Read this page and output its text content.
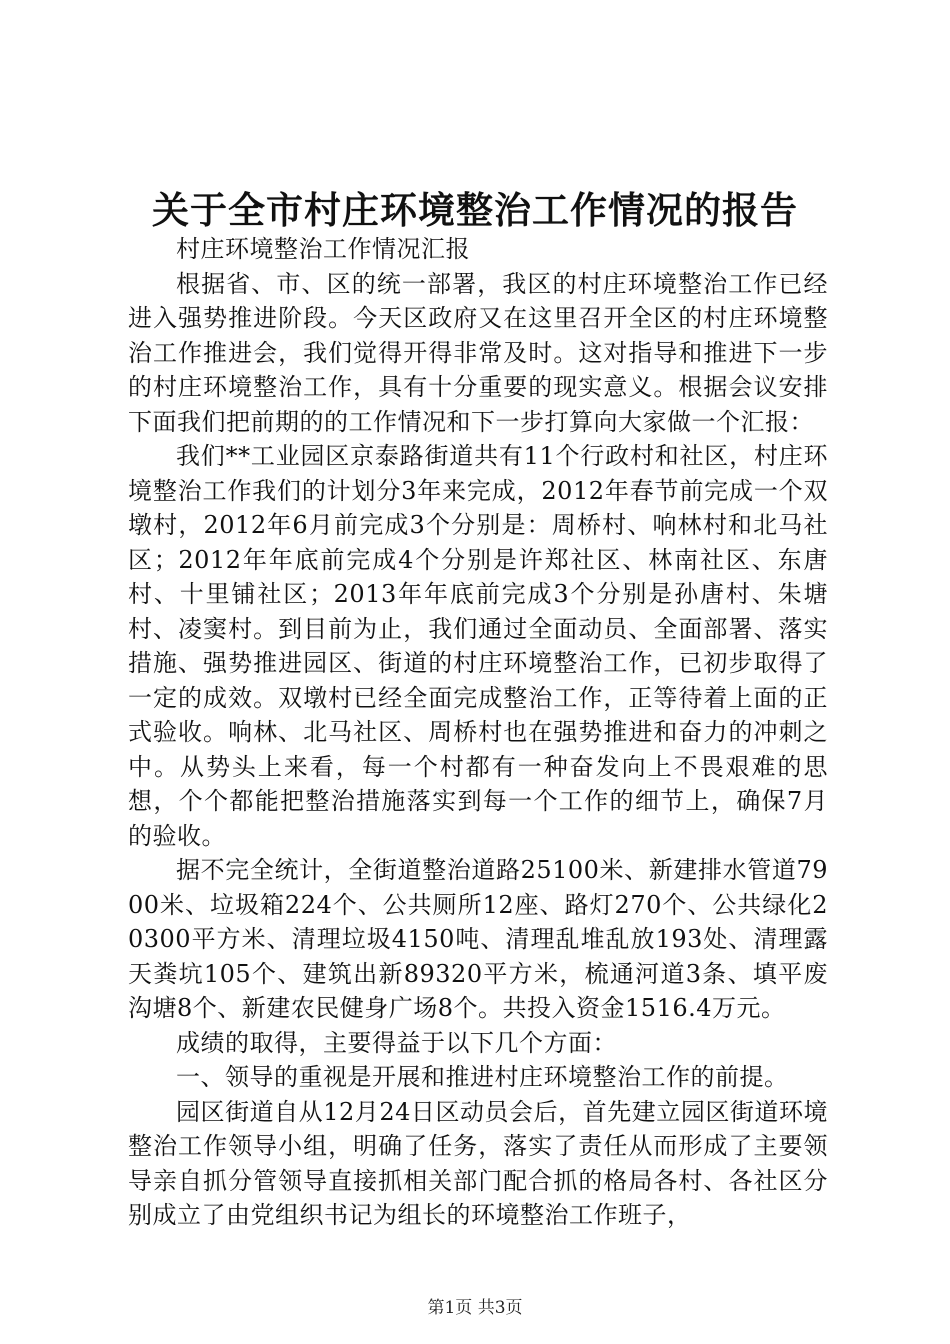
关于全市村庄环境整治工作情况的报告

村庄环境整治工作情况汇报

根据省、市、区的统一部署，我区的村庄环境整治工作已经进入强势推进阶段。今天区政府又在这里召开全区的村庄环境整治工作推进会，我们觉得开得非常及时。这对指导和推进下一步的村庄环境整治工作，具有十分重要的现实意义。根据会议安排下面我们把前期的的工作情况和下一步打算向大家做一个汇报：

我们**工业园区京泰路街道共有11个行政村和社区，村庄环境整治工作我们的计划分3年来完成，2012年春节前完成一个双墩村，2012年6月前完成3个分别是：周桥村、响林村和北马社区；2012年年底前完成4个分别是许郑社区、林南社区、东唐村、十里铺社区；2013年年底前完成3个分别是孙唐村、朱塘村、凌窦村。到目前为止，我们通过全面动员、全面部署、落实措施、强势推进园区、街道的村庄环境整治工作，已初步取得了一定的成效。双墩村已经全面完成整治工作，正等待着上面的正式验收。响林、北马社区、周桥村也在强势推进和奋力的冲刺之中。从势头上来看，每一个村都有一种奋发向上不畏艰难的思想，个个都能把整治措施落实到每一个工作的细节上，确保7月的验收。

据不完全统计，全街道整治道路25100米、新建排水管道7900米、垃圾箱224个、公共厕所12座、路灯270个、公共绿化20300平方米、清理垃圾4150吨、清理乱堆乱放193处、清理露天粪坑105个、建筑出新89320平方米，梳通河道3条、填平废沟塘8个、新建农民健身广场8个。共投入资金1516.4万元。

成绩的取得，主要得益于以下几个方面：

一、领导的重视是开展和推进村庄环境整治工作的前提。

园区街道自从12月24日区动员会后，首先建立园区街道环境整治工作领导小组，明确了任务，落实了责任从而形成了主要领导亲自抓分管领导直接抓相关部门配合抓的格局各村、各社区分别成立了由党组织书记为组长的环境整治工作班子，

第1页 共3页
